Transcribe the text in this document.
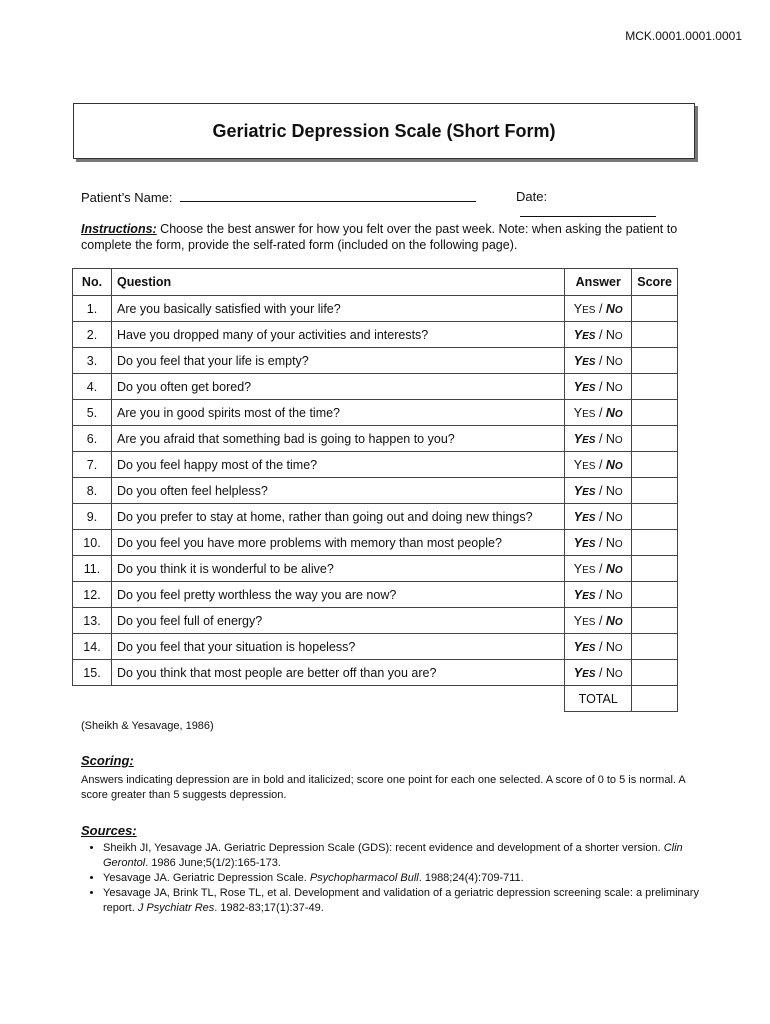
MCK.0001.0001.0001
Geriatric Depression Scale (Short Form)
Patient’s Name:	Date:
Instructions: Choose the best answer for how you felt over the past week. Note: when asking the patient to complete the form, provide the self-rated form (included on the following page).
No.	Question	Answer	Score
1.	Are you basically satisfied with your life?	YES / NO	
2.	Have you dropped many of your activities and interests?	YES / NO	
3.	Do you feel that your life is empty?	YES / NO	
4.	Do you often get bored?	YES / NO	
5.	Are you in good spirits most of the time?	YES / NO	
6.	Are you afraid that something bad is going to happen to you?	YES / NO	
7.	Do you feel happy most of the time?	YES / NO	
8.	Do you often feel helpless?	YES / NO	
9.	Do you prefer to stay at home, rather than going out and doing new things?	YES / NO	
10.	Do you feel you have more problems with memory than most people?	YES / NO	
11.	Do you think it is wonderful to be alive?	YES / NO	
12.	Do you feel pretty worthless the way you are now?	YES / NO	
13.	Do you feel full of energy?	YES / NO	
14.	Do you feel that your situation is hopeless?	YES / NO	
15.	Do you think that most people are better off than you are?	YES / NO	
		TOTAL	
(Sheikh & Yesavage, 1986)
Scoring:
Answers indicating depression are in bold and italicized; score one point for each one selected. A score of 0 to 5 is normal. A score greater than 5 suggests depression.
Sources:
• Sheikh JI, Yesavage JA. Geriatric Depression Scale (GDS): recent evidence and development of a shorter version. Clin Gerontol. 1986 June;5(1/2):165-173.
• Yesavage JA. Geriatric Depression Scale. Psychopharmacol Bull. 1988;24(4):709-711.
• Yesavage JA, Brink TL, Rose TL, et al. Development and validation of a geriatric depression screening scale: a preliminary report. J Psychiatr Res. 1982-83;17(1):37-49.
